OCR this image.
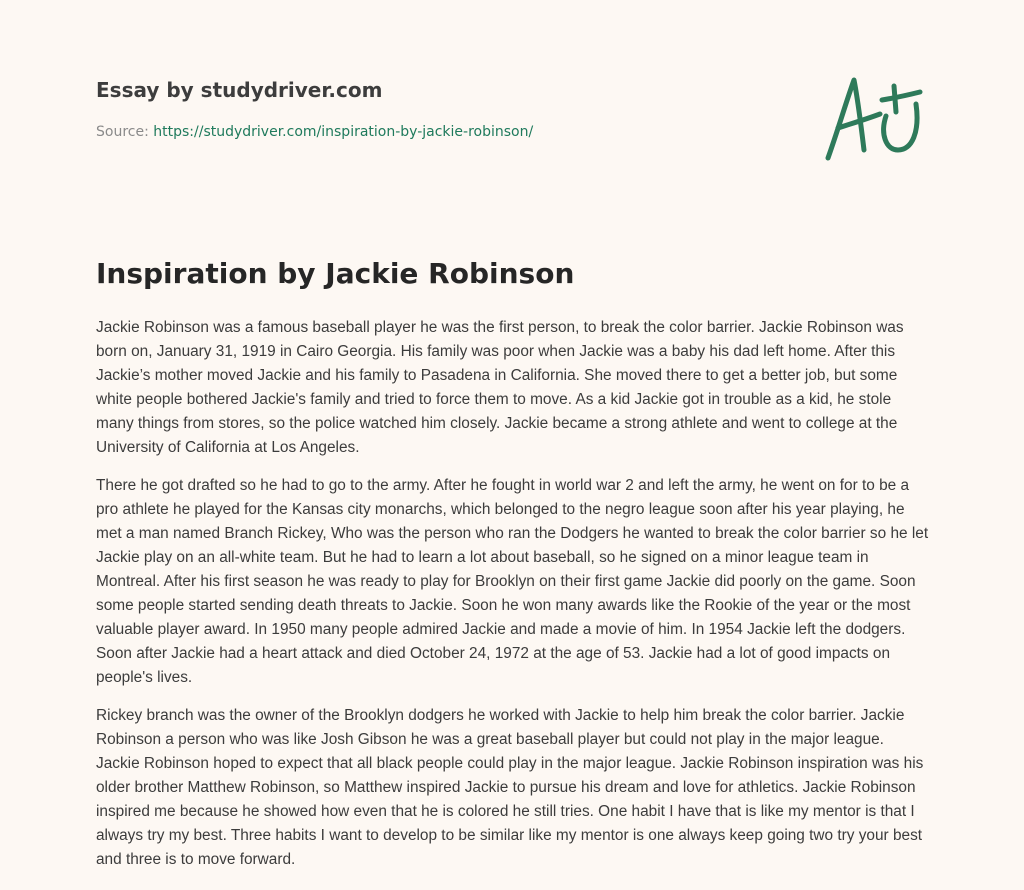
Essay by studydriver.com
Source: https://studydriver.com/inspiration-by-jackie-robinson/
Inspiration by Jackie Robinson

Jackie Robinson was a famous baseball player he was the first person, to break the color barrier. Jackie Robinson was born on, January 31, 1919 in Cairo Georgia. His family was poor when Jackie was a baby his dad left home. After this Jackie’s mother moved Jackie and his family to Pasadena in California. She moved there to get a better job, but some white people bothered Jackie's family and tried to force them to move. As a kid Jackie got in trouble as a kid, he stole many things from stores, so the police watched him closely. Jackie became a strong athlete and went to college at the University of California at Los Angeles.

There he got drafted so he had to go to the army. After he fought in world war 2 and left the army, he went on for to be a pro athlete he played for the Kansas city monarchs, which belonged to the negro league soon after his year playing, he met a man named Branch Rickey, Who was the person who ran the Dodgers he wanted to break the color barrier so he let Jackie play on an all-white team. But he had to learn a lot about baseball, so he signed on a minor league team in Montreal. After his first season he was ready to play for Brooklyn on their first game Jackie did poorly on the game. Soon some people started sending death threats to Jackie. Soon he won many awards like the Rookie of the year or the most valuable player award. In 1950 many people admired Jackie and made a movie of him. In 1954 Jackie left the dodgers. Soon after Jackie had a heart attack and died October 24, 1972 at the age of 53. Jackie had a lot of good impacts on people's lives.

Rickey branch was the owner of the Brooklyn dodgers he worked with Jackie to help him break the color barrier. Jackie Robinson a person who was like Josh Gibson he was a great baseball player but could not play in the major league. Jackie Robinson hoped to expect that all black people could play in the major league. Jackie Robinson inspiration was his older brother Matthew Robinson, so Matthew inspired Jackie to pursue his dream and love for athletics. Jackie Robinson inspired me because he showed how even that he is colored he still tries. One habit I have that is like my mentor is that I always try my best. Three habits I want to develop to be similar like my mentor is one always keep going two try your best and three is to move forward.
